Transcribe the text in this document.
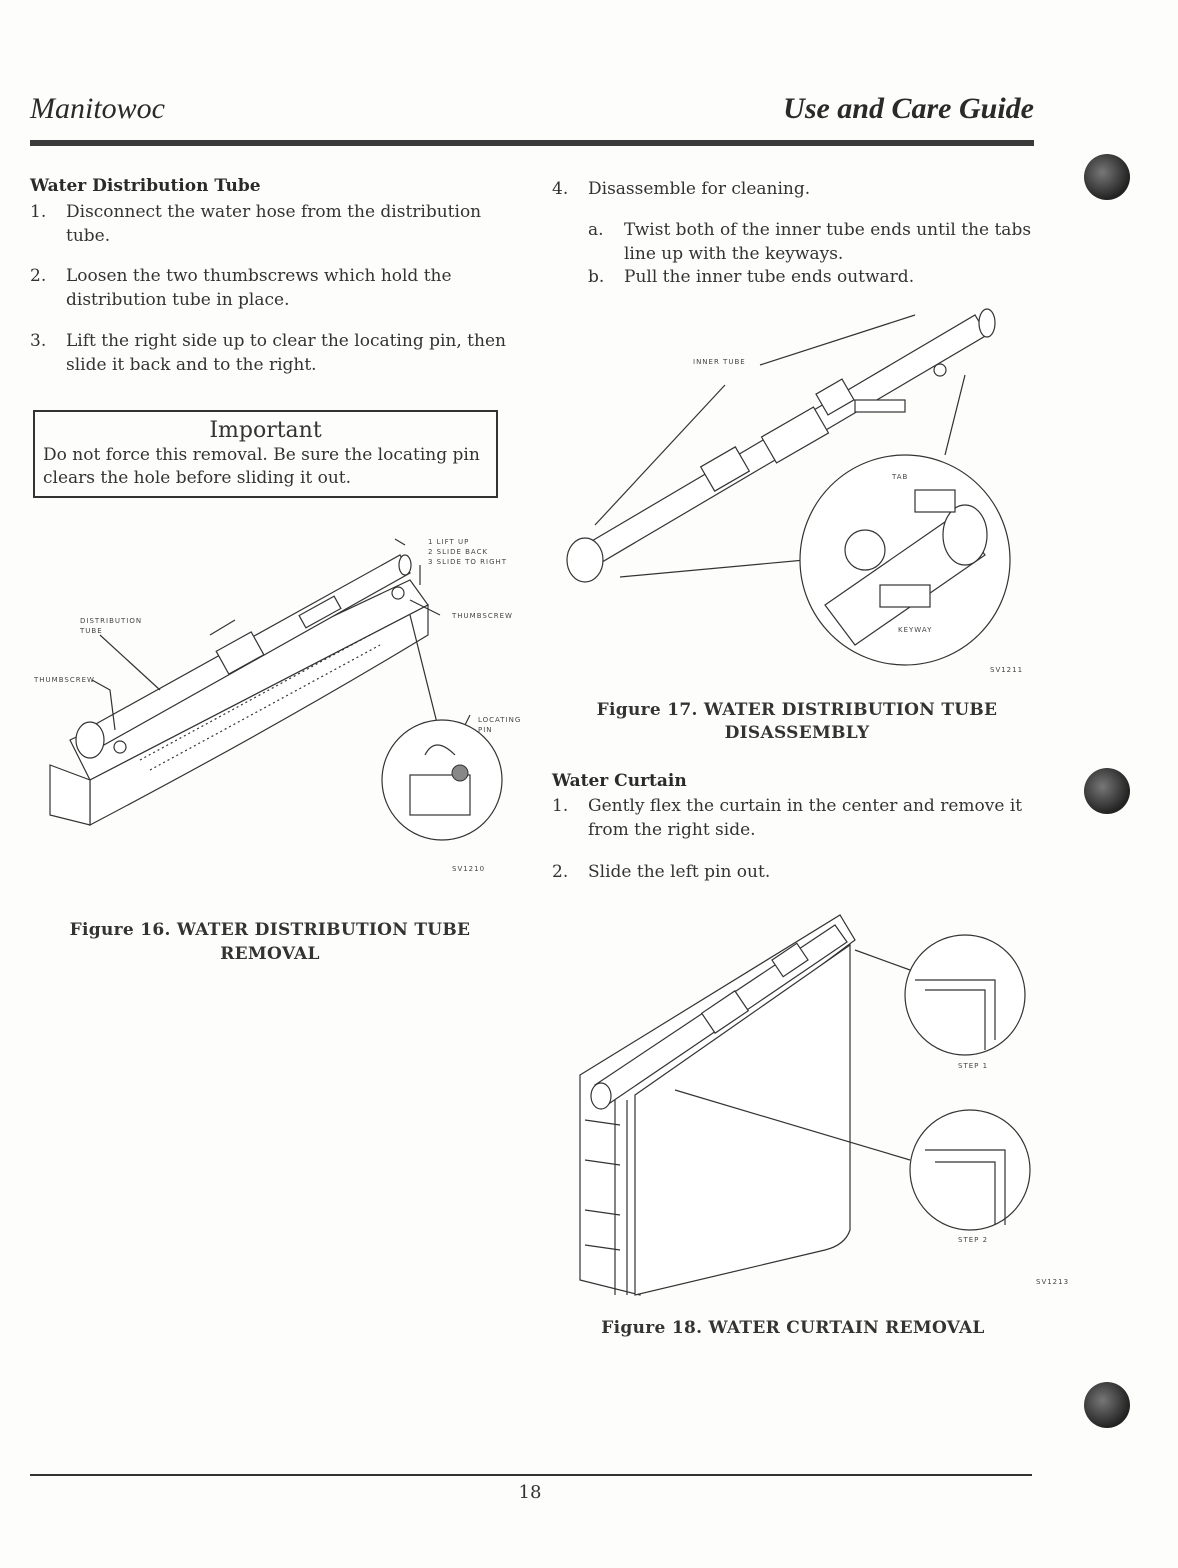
Manitowoc	Use and Care Guide
Water Distribution Tube
1. Disconnect the water hose from the distribution tube.
2. Loosen the two thumbscrews which hold the distribution tube in place.
3. Lift the right side up to clear the locating pin, then slide it back and to the right.
Important
Do not force this removal. Be sure the locating pin clears the hole before sliding it out.
1 LIFT UP
2 SLIDE BACK
3 SLIDE TO RIGHT
DISTRIBUTION
TUBE
THUMBSCREW
THUMBSCREW
LOCATING
PIN
SV1210
Figure 16. WATER DISTRIBUTION TUBE
REMOVAL
4. Disassemble for cleaning.
a. Twist both of the inner tube ends until the tabs line up with the keyways.
b. Pull the inner tube ends outward.
INNER TUBE
TAB
KEYWAY
SV1211
Figure 17. WATER DISTRIBUTION TUBE
DISASSEMBLY
Water Curtain
1. Gently flex the curtain in the center and remove it from the right side.
2. Slide the left pin out.
STEP 1
STEP 2
SV1213
Figure 18. WATER CURTAIN REMOVAL
18
